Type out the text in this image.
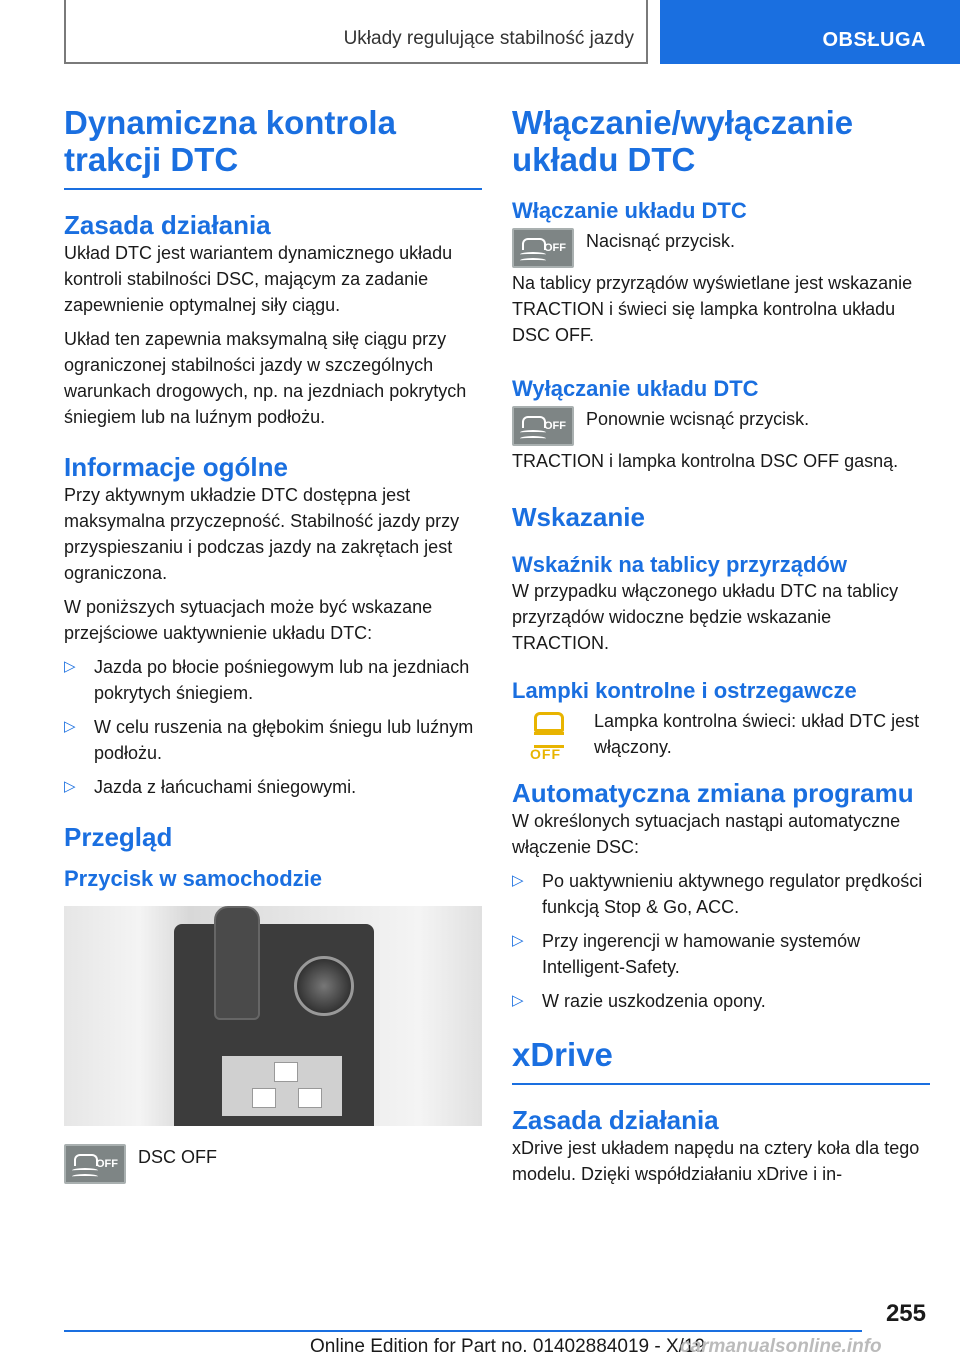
Układy regulujące stabilność jazdy	OBSŁUGA
Dynamiczna kontrola trakcji DTC
Zasada działania

Układ DTC jest wariantem dynamicznego układu kontroli stabilności DSC, mającym za zadanie zapewnienie optymalnej siły ciągu.

Układ ten zapewnia maksymalną siłę ciągu przy ograniczonej stabilności jazdy w szczególnych warunkach drogowych, np. na jezdniach pokrytych śniegiem lub na luźnym podłożu.

Informacje ogólne

Przy aktywnym układzie DTC dostępna jest maksymalna przyczepność. Stabilność jazdy przy przyspieszaniu i podczas jazdy na zakrętach jest ograniczona.

W poniższych sytuacjach może być wskazane przejściowe uaktywnienie układu DTC:

▷ Jazda po błocie pośniegowym lub na jezdniach pokrytych śniegiem.
▷ W celu ruszenia na głębokim śniegu lub luźnym podłożu.
▷ Jazda z łańcuchami śniegowymi.
Przegląd
Przycisk w samochodzie
OFF DSC OFF
Włączanie/wyłączanie układu DTC
Włączanie układu DTC
OFF Nacisnąć przycisk.

Na tablicy przyrządów wyświetlane jest wskazanie TRACTION i świeci się lampka kontrolna układu DSC OFF.

Wyłączanie układu DTC
OFF Ponownie wcisnąć przycisk.

TRACTION i lampka kontrolna DSC OFF gasną.

Wskazanie
Wskaźnik na tablicy przyrządów

W przypadku włączonego układu DTC na tablicy przyrządów widoczne będzie wskazanie TRACTION.

Lampki kontrolne i ostrzegawcze
OFF
Lampka kontrolna świeci: układ DTC jest włączony.
Automatyczna zmiana programu

W określonych sytuacjach nastąpi automatyczne włączenie DSC:

▷ Po uaktywnieniu aktywnego regulator prędkości funkcją Stop & Go, ACC.
▷ Przy ingerencji w hamowanie systemów Intelligent-Safety.
▷ W razie uszkodzenia opony.
xDrive
Zasada działania

xDrive jest układem napędu na cztery koła dla tego modelu. Dzięki współdziałaniu xDrive i in-

255
Online Edition for Part no. 01402884019 - X/19
carmanualsonline.info
